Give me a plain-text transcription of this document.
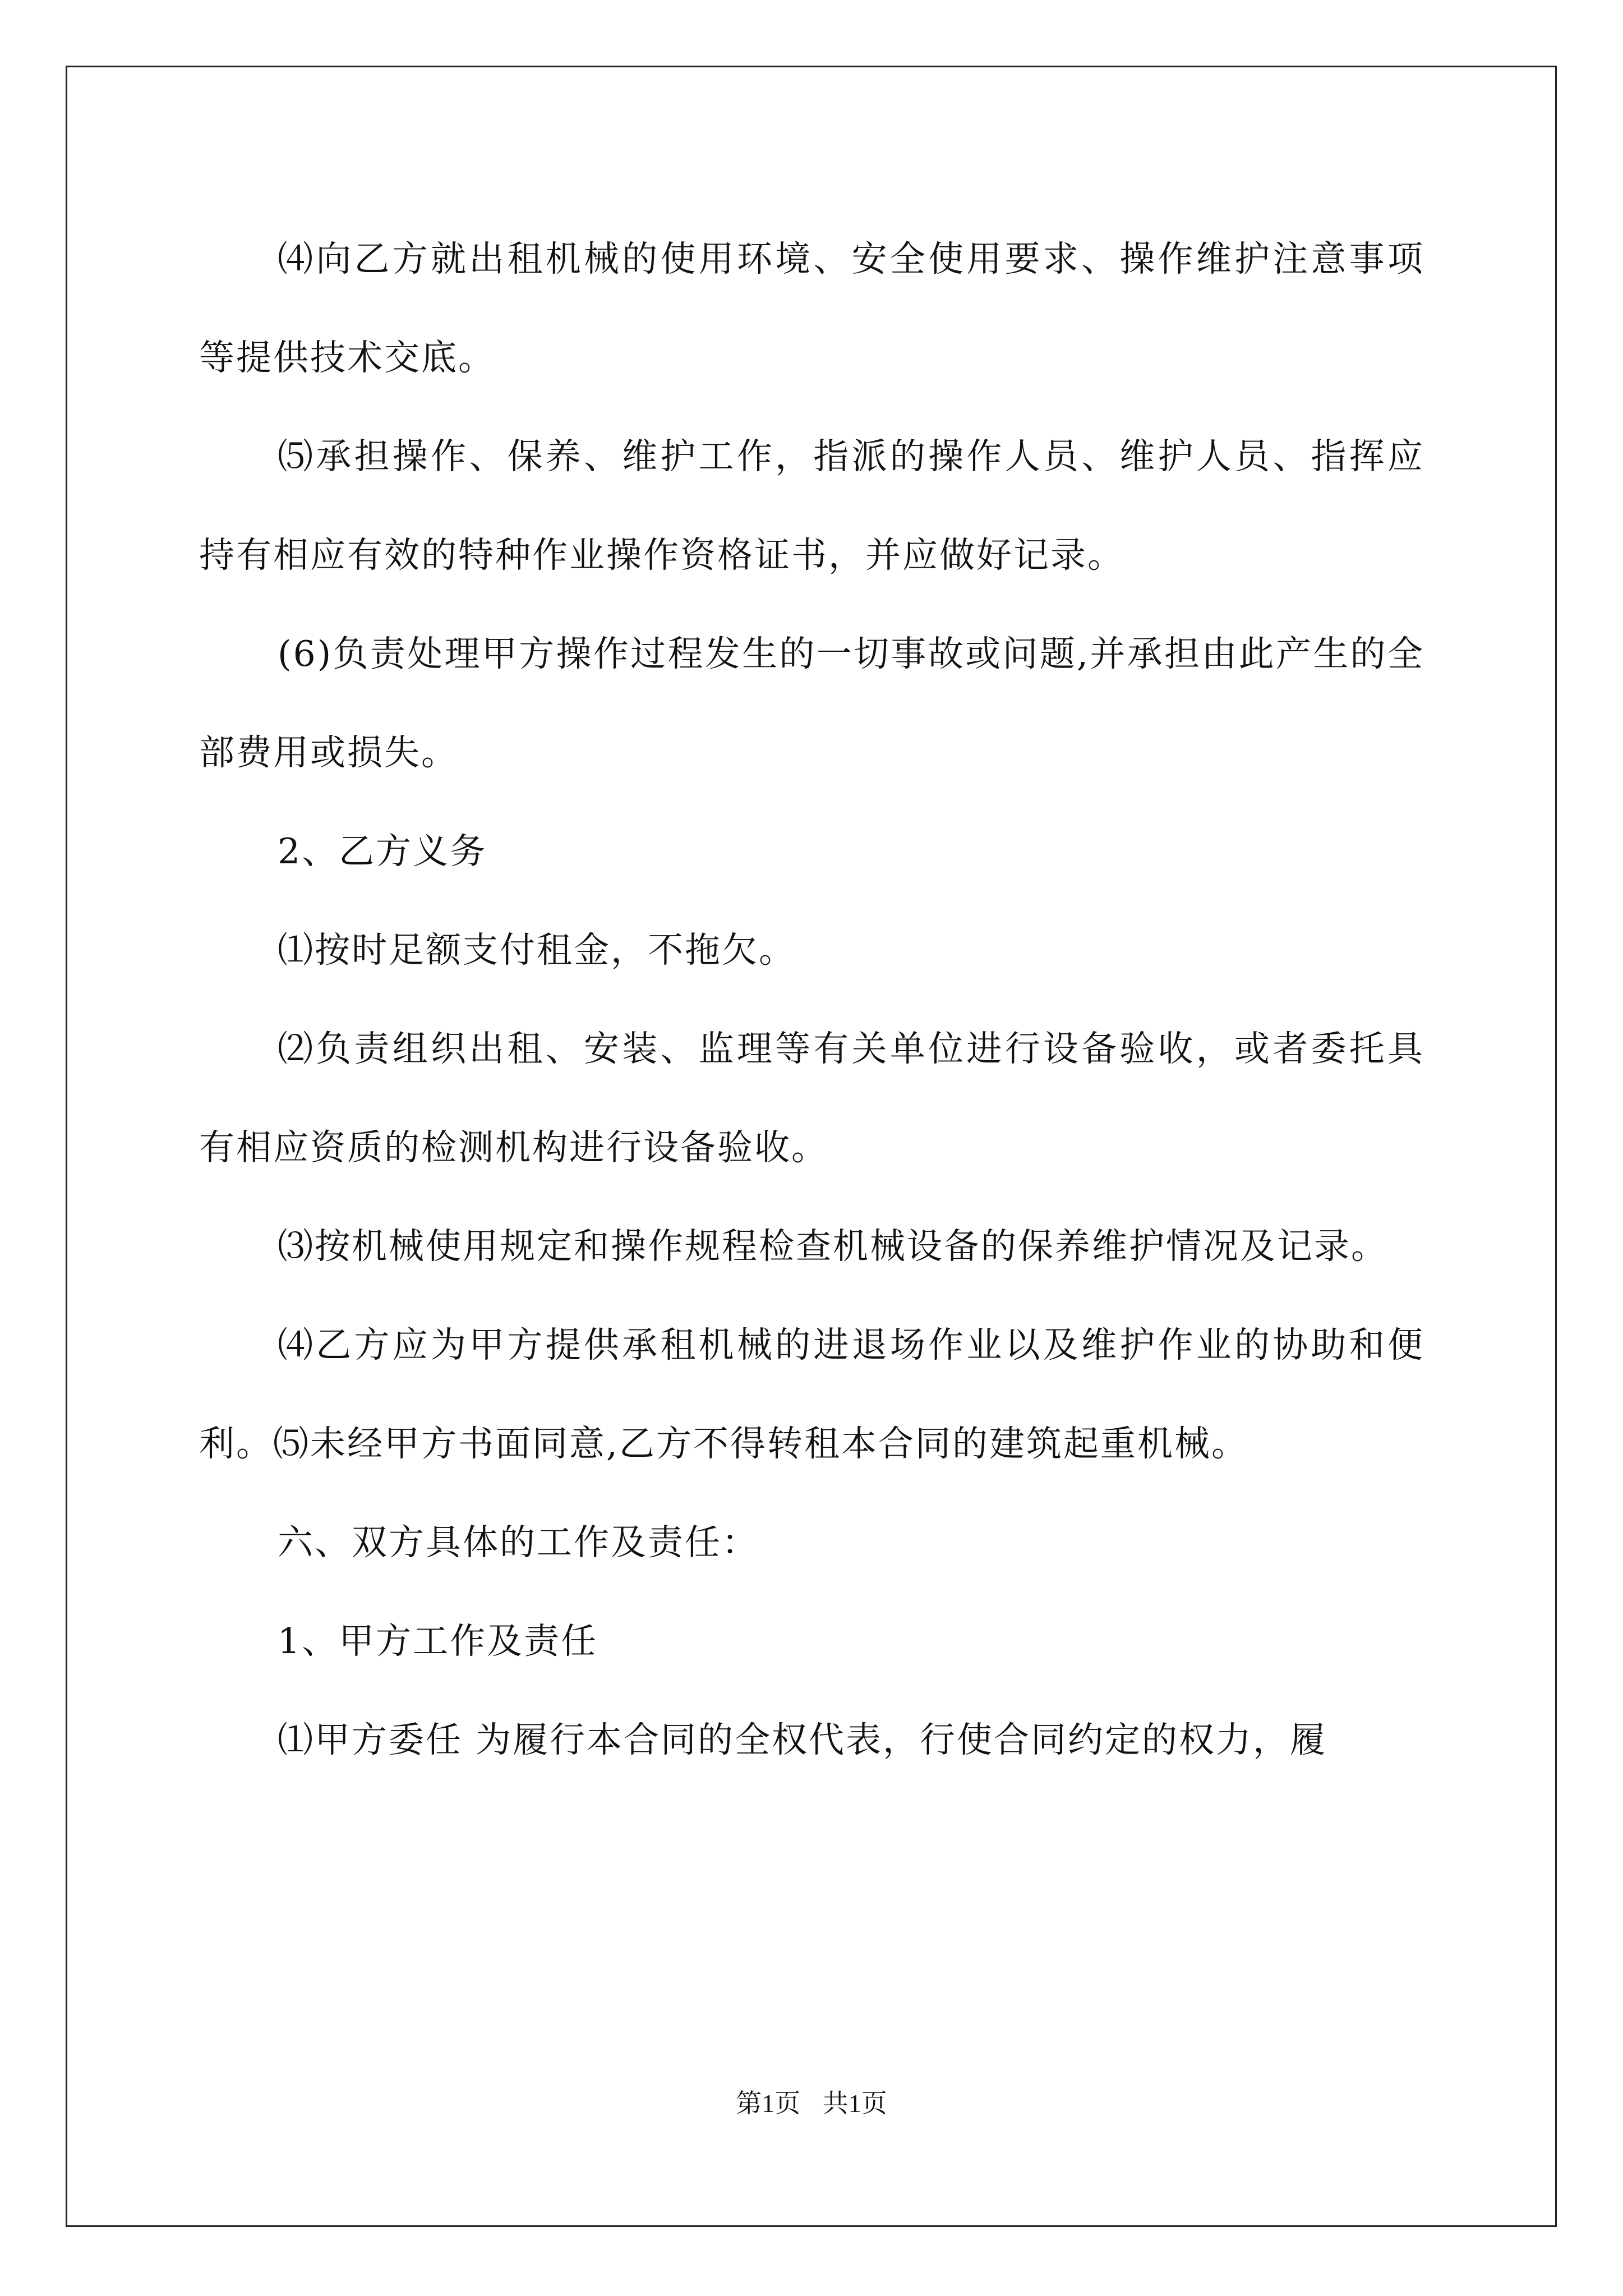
⑷向乙方就出租机械的使用环境、安全使用要求、操作维护注意事项等提供技术交底。

⑸承担操作、保养、维护工作，指派的操作人员、维护人员、指挥应持有相应有效的特种作业操作资格证书，并应做好记录。

(6)负责处理甲方操作过程发生的一切事故或问题,并承担由此产生的全部费用或损失。

2、乙方义务

⑴按时足额支付租金，不拖欠。

⑵负责组织出租、安装、监理等有关单位进行设备验收，或者委托具有相应资质的检测机构进行设备验收。

⑶按机械使用规定和操作规程检查机械设备的保养维护情况及记录。

⑷乙方应为甲方提供承租机械的进退场作业以及维护作业的协助和便利。⑸未经甲方书面同意,乙方不得转租本合同的建筑起重机械。

六、双方具体的工作及责任：

1、甲方工作及责任

⑴甲方委任 为履行本合同的全权代表，行使合同约定的权力，履

第1页 共1页
